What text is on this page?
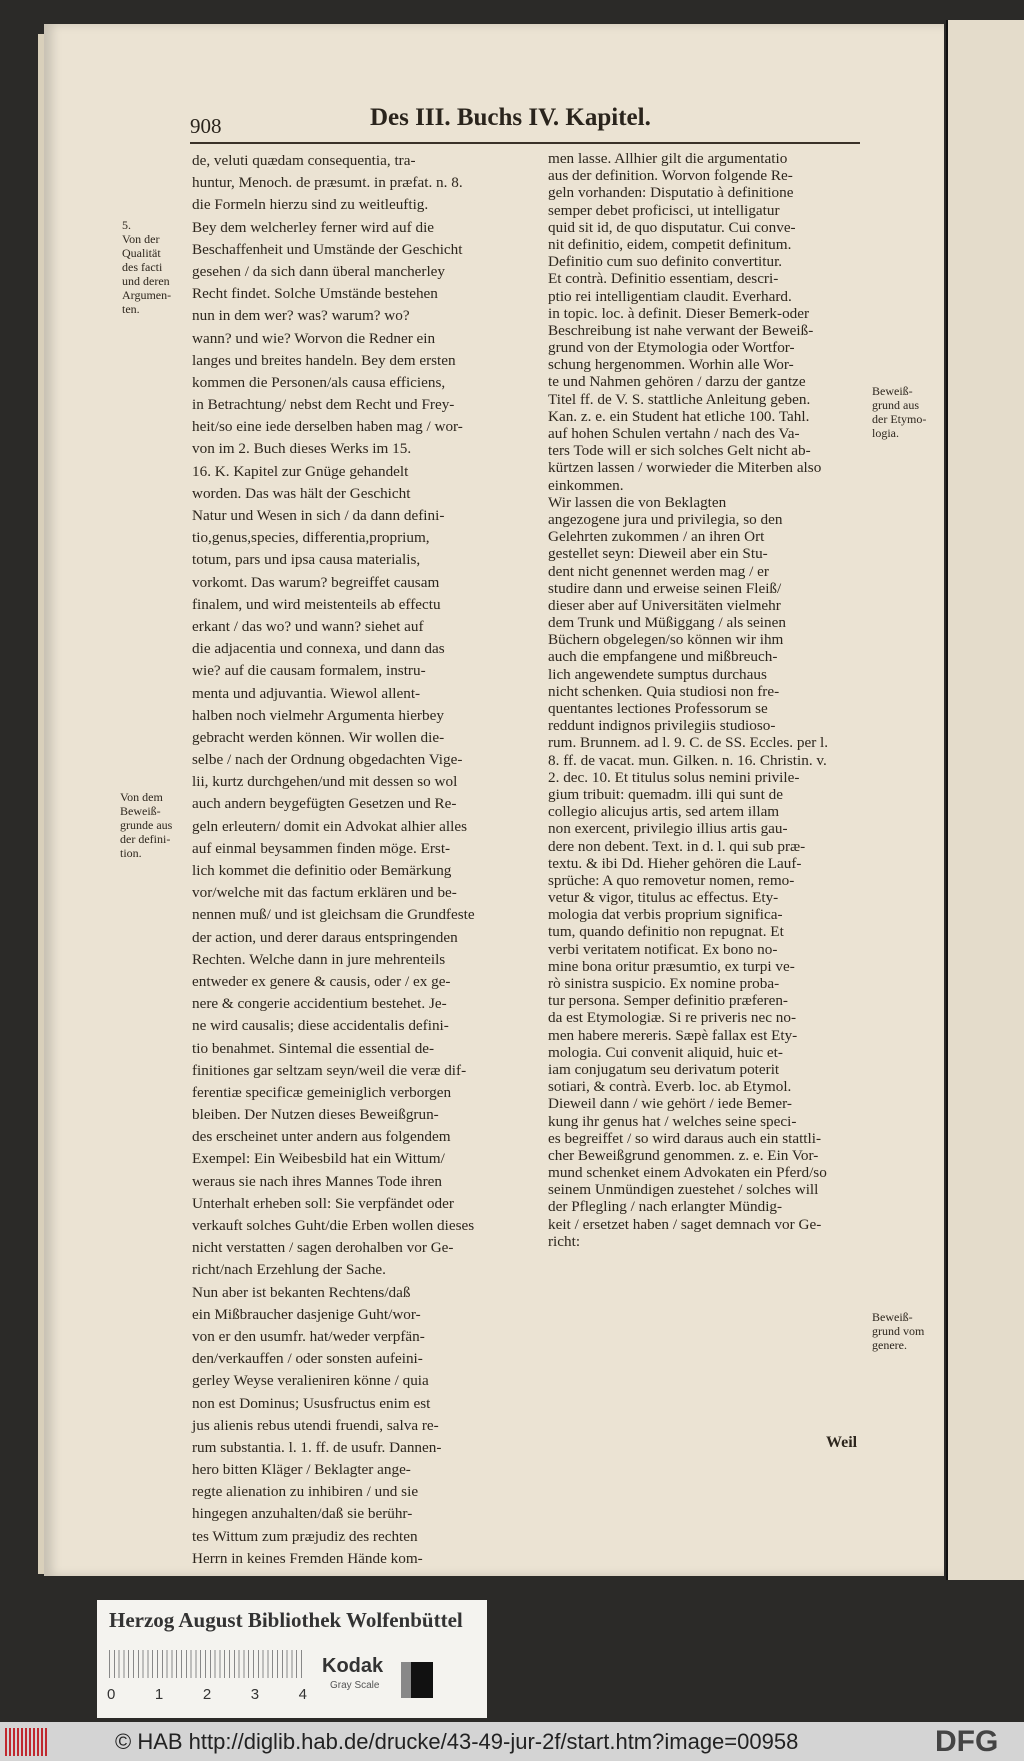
908	Des III. Buchs IV. Kapitel.
de, veluti quædam consequentia, tra-
huntur, Menoch. de præsumt. in præfat. n. 8.
die Formeln hierzu sind zu weitleuftig.
Bey dem welcherley ferner wird auf die
Beschaffenheit und Umstände der Geschicht
gesehen / da sich dann überal mancherley
Recht findet. Solche Umstände bestehen
nun in dem wer? was? warum? wo?
wann? und wie? Worvon die Redner ein
langes und breites handeln. Bey dem ersten
kommen die Personen/als causa efficiens,
in Betrachtung/ nebst dem Recht und Frey-
heit/so eine iede derselben haben mag / wor-
von im 2. Buch dieses Werks im 15.
16. K. Kapitel zur Gnüge gehandelt
worden. Das was hält der Geschicht
Natur und Wesen in sich / da dann defini-
tio,genus,species, differentia,proprium,
totum, pars und ipsa causa materialis,
vorkomt. Das warum? begreiffet causam
finalem, und wird meistenteils ab effectu
erkant / das wo? und wann? siehet auf
die adjacentia und connexa, und dann das
wie? auf die causam formalem, instru-
menta und adjuvantia. Wiewol allent-
halben noch vielmehr Argumenta hierbey
gebracht werden können. Wir wollen die-
selbe / nach der Ordnung obgedachten Vige-
lii, kurtz durchgehen/und mit dessen so wol
auch andern beygefügten Gesetzen und Re-
geln erleutern/ domit ein Advokat alhier alles
auf einmal beysammen finden möge. Erst-
lich kommet die definitio oder Bemärkung
vor/welche mit das factum erklären und be-
nennen muß/ und ist gleichsam die Grundfeste
der action, und derer daraus entspringenden
Rechten. Welche dann in jure mehrenteils
entweder ex genere & causis, oder / ex ge-
nere & congerie accidentium bestehet. Je-
ne wird causalis; diese accidentalis defini-
tio benahmet. Sintemal die essential de-
finitiones gar seltzam seyn/weil die veræ dif-
ferentiæ specificæ gemeiniglich verborgen
bleiben. Der Nutzen dieses Beweißgrun-
des erscheinet unter andern aus folgendem
Exempel: Ein Weibesbild hat ein Wittum/
weraus sie nach ihres Mannes Tode ihren
Unterhalt erheben soll: Sie verpfändet oder
verkauft solches Guht/die Erben wollen dieses
nicht verstatten / sagen derohalben vor Ge-
richt/nach Erzehlung der Sache.
Nun aber ist bekanten Rechtens/daß
ein Mißbraucher dasjenige Guht/wor-
von er den usumfr. hat/weder verpfän-
den/verkauffen / oder sonsten aufeini-
gerley Weyse veralieniren könne / quia
non est Dominus; Ususfructus enim est
jus alienis rebus utendi fruendi, salva re-
rum substantia. l. 1. ff. de usufr. Dannen-
hero bitten Kläger / Beklagter ange-
regte alienation zu inhibiren / und sie
hingegen anzuhalten/daß sie berühr-
tes Wittum zum præjudiz des rechten
Herrn in keines Fremden Hände kom-
men lasse. Allhier gilt die argumentatio
aus der definition. Worvon folgende Re-
geln vorhanden: Disputatio à definitione
semper debet proficisci, ut intelligatur
quid sit id, de quo disputatur. Cui conve-
nit definitio, eidem, competit definitum.
Definitio cum suo definito convertitur.
Et contrà. Definitio essentiam, descri-
ptio rei intelligentiam claudit. Everhard.
in topic. loc. à definit. Dieser Bemerk-oder
Beschreibung ist nahe verwant der Beweiß-
grund von der Etymologia oder Wortfor-
schung hergenommen. Worhin alle Wor-
te und Nahmen gehören / darzu der gantze
Titel ff. de V. S. stattliche Anleitung geben.
Kan. z. e. ein Student hat etliche 100. Tahl.
auf hohen Schulen vertahn / nach des Va-
ters Tode will er sich solches Gelt nicht ab-
kürtzen lassen / worwieder die Miterben also
einkommen.
Wir lassen die von Beklagten
angezogene jura und privilegia, so den
Gelehrten zukommen / an ihren Ort
gestellet seyn: Dieweil aber ein Stu-
dent nicht genennet werden mag / er
studire dann und erweise seinen Fleiß/
dieser aber auf Universitäten vielmehr
dem Trunk und Müßiggang / als seinen
Büchern obgelegen/so können wir ihm
auch die empfangene und mißbreuch-
lich angewendete sumptus durchaus
nicht schenken. Quia studiosi non fre-
quentantes lectiones Professorum se
reddunt indignos privilegiis studioso-
rum. Brunnem. ad l. 9. C. de SS. Eccles. per l.
8. ff. de vacat. mun. Gilken. n. 16. Christin. v.
2. dec. 10. Et titulus solus nemini privile-
gium tribuit: quemadm. illi qui sunt de
collegio alicujus artis, sed artem illam
non exercent, privilegio illius artis gau-
dere non debent. Text. in d. l. qui sub præ-
textu. & ibi Dd. Hieher gehören die Lauf-
sprüche: A quo removetur nomen, remo-
vetur & vigor, titulus ac effectus. Ety-
mologia dat verbis proprium significa-
tum, quando definitio non repugnat. Et
verbi veritatem notificat. Ex bono no-
mine bona oritur præsumtio, ex turpi ve-
rò sinistra suspicio. Ex nomine proba-
tur persona. Semper definitio præferen-
da est Etymologiæ. Si re priveris nec no-
men habere mereris. Sæpè fallax est Ety-
mologia. Cui convenit aliquid, huic et-
iam conjugatum seu derivatum poterit
sotiari, & contrà. Everb. loc. ab Etymol.
Dieweil dann / wie gehört / iede Bemer-
kung ihr genus hat / welches seine speci-
es begreiffet / so wird daraus auch ein stattli-
cher Beweißgrund genommen. z. e. Ein Vor-
mund schenket einem Advokaten ein Pferd/so
seinem Unmündigen zuestehet / solches will
der Pflegling / nach erlangter Mündig-
keit / ersetzet haben / saget demnach vor Ge-
richt:
5.
Von der
Qualität
des facti
und deren
Argumen-
ten.
Von dem
Beweiß-
grunde aus
der defini-
tion.
Beweiß-
grund aus
der Etymo-
logia.
Beweiß-
grund vom
genere.
Weil
Herzog August Bibliothek Wolfenbüttel
0	1	2	3	4
Kodak
Gray Scale
© HAB http://diglib.hab.de/drucke/43-49-jur-2f/start.htm?image=00958	DFG
